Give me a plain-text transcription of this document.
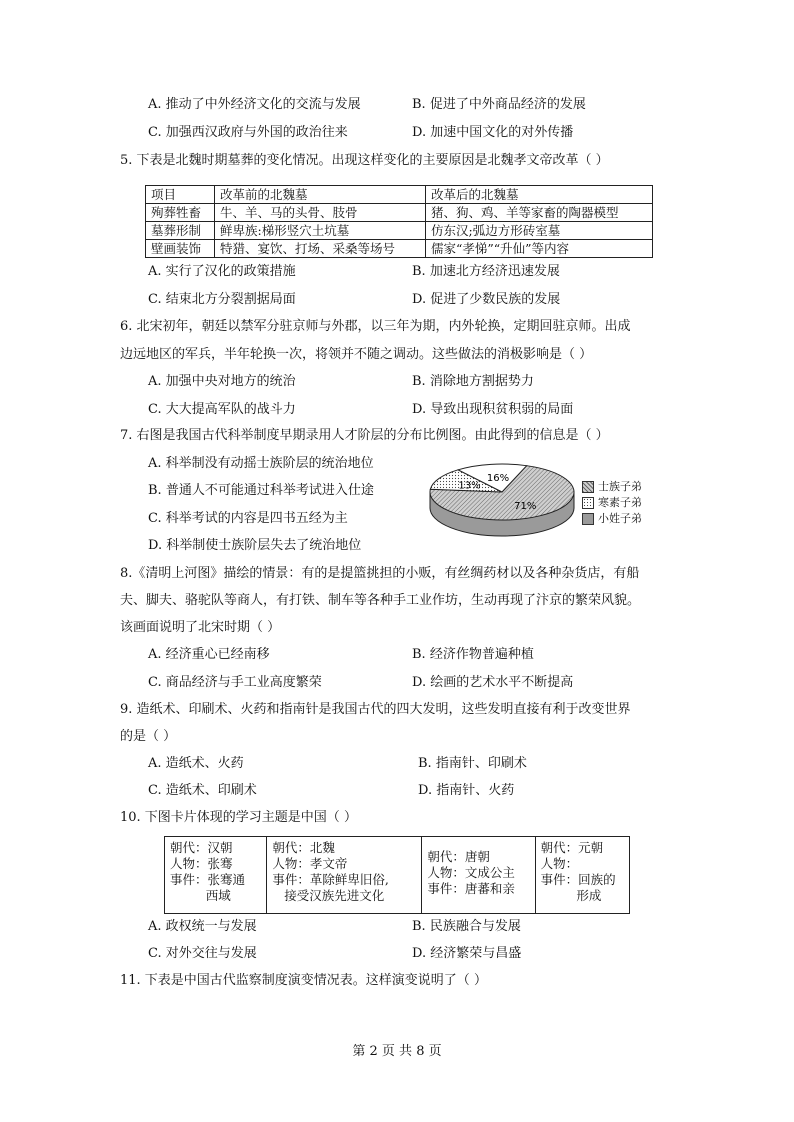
A. 推动了中外经济文化的交流与发展	B. 促进了中外商品经济的发展
C. 加强西汉政府与外国的政治往来	D. 加速中国文化的对外传播
5. 下表是北魏时期墓葬的变化情况。出现这样变化的主要原因是北魏孝文帝改革（ ）
项目	改革前的北魏墓	改革后的北魏墓
殉葬牲畜	牛、羊、马的头骨、肢骨	猪、狗、鸡、羊等家畜的陶器模型
墓葬形制	鲜卑族:梯形竖穴土坑墓	仿东汉;弧边方形砖室墓
壁画装饰	特猎、宴饮、打场、采桑等场号	儒家“孝悌”“升仙”等内容
A. 实行了汉化的政策措施	B. 加速北方经济迅速发展
C. 结束北方分裂割据局面	D. 促进了少数民族的发展
6. 北宋初年，朝廷以禁军分驻京师与外郡，以三年为期，内外轮换，定期回驻京师。出成
边远地区的军兵，半年轮换一次，将领并不随之调动。这些做法的消极影响是（ ）
A. 加强中央对地方的统治	B. 消除地方割据势力
C. 大大提高军队的战斗力	D. 导致出现积贫积弱的局面
7. 右图是我国古代科举制度早期录用人才阶层的分布比例图。由此得到的信息是（ ）
A. 科举制没有动摇士族阶层的统治地位
B. 普通人不可能通过科举考试进入仕途
C. 科举考试的内容是四书五经为主
D. 科举制使士族阶层失去了统治地位
71%
13%
16%
士族子弟
寒素子弟
小姓子弟
8.《清明上河图》描绘的情景：有的是提篮挑担的小贩，有丝绸药材以及各种杂货店，有船
夫、脚夫、骆驼队等商人，有打铁、制车等各种手工业作坊，生动再现了汴京的繁荣风貌。
该画面说明了北宋时期（ ）
A. 经济重心已经南移	B. 经济作物普遍种植
C. 商品经济与手工业高度繁荣	D. 绘画的艺术水平不断提高
9. 造纸术、印刷术、火药和指南针是我国古代的四大发明，这些发明直接有利于改变世界
的是（ ）
A. 造纸术、火药	B. 指南针、印刷术
C. 造纸术、印刷术	D. 指南针、火药
10. 下图卡片体现的学习主题是中国（ ）
朝代：汉朝
人物：张骞
事件：张骞通
西域
朝代：北魏
人物：孝文帝
事件：革除鲜卑旧俗,
接受汉族先进文化
朝代：唐朝
人物：文成公主
事件：唐蕃和亲
朝代：元朝
人物：
事件：回族的
形成
A. 政权统一与发展	B. 民族融合与发展
C. 对外交往与发展	D. 经济繁荣与昌盛
11. 下表是中国古代监察制度演变情况表。这样演变说明了（ ）
第 2 页 共 8 页
